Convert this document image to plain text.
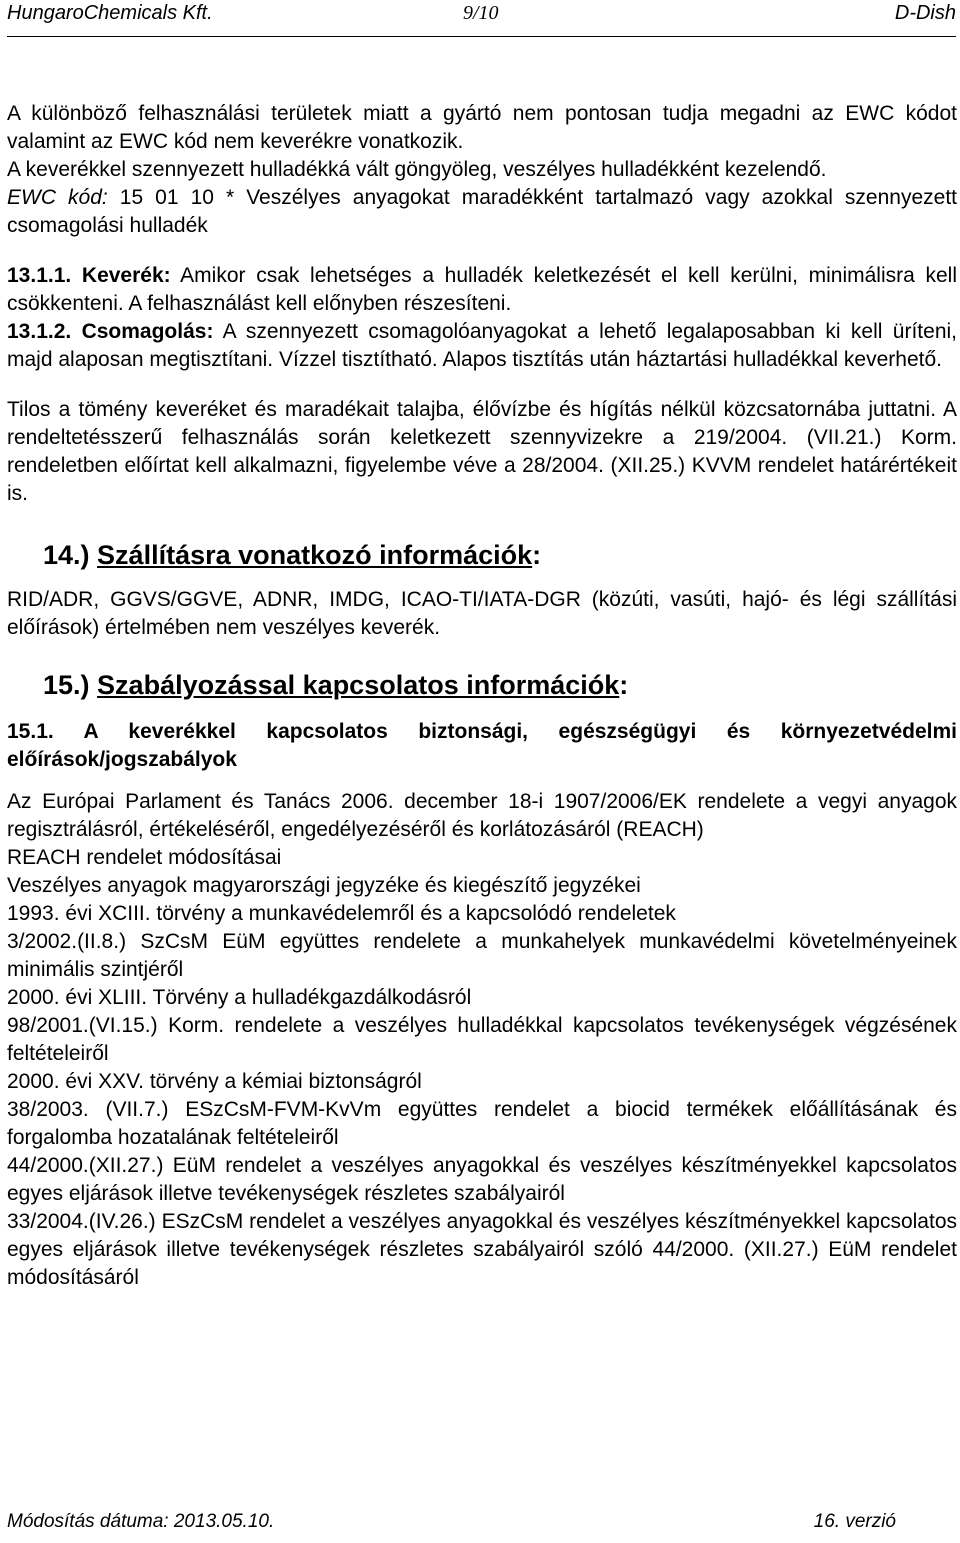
HungaroChemicals Kft.	9/10	D-Dish

A különböző felhasználási területek miatt a gyártó nem pontosan tudja megadni az EWC kódot valamint az EWC kód nem keverékre vonatkozik.

A keverékkel szennyezett hulladékká vált göngyöleg, veszélyes hulladékként kezelendő.

EWC kód: 15 01 10 * Veszélyes anyagokat maradékként tartalmazó vagy azokkal szennyezett csomagolási hulladék

13.1.1. Keverék: Amikor csak lehetséges a hulladék keletkezését el kell kerülni, minimálisra kell csökkenteni. A felhasználást kell előnyben részesíteni.

13.1.2. Csomagolás: A szennyezett csomagolóanyagokat a lehető legalaposabban ki kell üríteni, majd alaposan megtisztítani. Vízzel tisztítható. Alapos tisztítás után háztartási hulladékkal keverhető.

Tilos a tömény keveréket és maradékait talajba, élővízbe és hígítás nélkül közcsatornába juttatni. A rendeltetésszerű felhasználás során keletkezett szennyvizekre a 219/2004. (VII.21.) Korm. rendeletben előírtat kell alkalmazni, figyelembe véve a 28/2004. (XII.25.) KVVM rendelet határértékeit is.

14.) Szállításra vonatkozó információk:

RID/ADR, GGVS/GGVE, ADNR, IMDG, ICAO-TI/IATA-DGR (közúti, vasúti, hajó- és légi szállítási előírások) értelmében nem veszélyes keverék.

15.) Szabályozással kapcsolatos információk:

15.1. A keverékkel kapcsolatos biztonsági, egészségügyi és környezetvédelmi előírások/jogszabályok

Az Európai Parlament és Tanács 2006. december 18-i 1907/2006/EK rendelete a vegyi anyagok regisztrálásról, értékeléséről, engedélyezéséről és korlátozásáról (REACH)

REACH rendelet módosításai

Veszélyes anyagok magyarországi jegyzéke és kiegészítő jegyzékei

1993. évi XCIII. törvény a munkavédelemről és a kapcsolódó rendeletek

3/2002.(II.8.) SzCsM EüM együttes rendelete a munkahelyek munkavédelmi követelményeinek minimális szintjéről

2000. évi XLIII. Törvény a hulladékgazdálkodásról

98/2001.(VI.15.) Korm. rendelete a veszélyes hulladékkal kapcsolatos tevékenységek végzésének feltételeiről

2000. évi XXV. törvény a kémiai biztonságról

38/2003. (VII.7.) ESzCsM-FVM-KvVm együttes rendelet a biocid termékek előállításának és forgalomba hozatalának feltételeiről

44/2000.(XII.27.) EüM rendelet a veszélyes anyagokkal és veszélyes készítményekkel kapcsolatos egyes eljárások illetve tevékenységek részletes szabályairól

33/2004.(IV.26.) ESzCsM rendelet a veszélyes anyagokkal és veszélyes készítményekkel kapcsolatos egyes eljárások illetve tevékenységek részletes szabályairól szóló 44/2000. (XII.27.) EüM rendelet módosításáról

Módosítás dátuma: 2013.05.10.	16. verzió
